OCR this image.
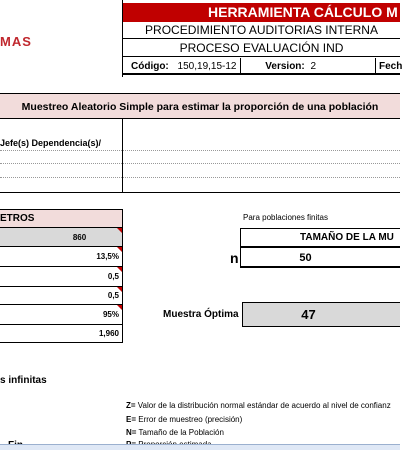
HERRAMIENTA CÁLCULO M
PROCEDIMIENTO AUDITORIAS INTERNA
PROCESO EVALUACIÓN IND
MAS
Código: 150,19,15-12	Version: 2	Fech
Muestreo Aleatorio Simple para estimar la proporción de una población
Jefe(s) Dependencia(s)/
ETROS
860
13,5%
0,5
0,5
95%
1,960
Para poblaciones finitas
TAMAÑO DE LA MU
n	50
Muestra Óptima	47
s infinitas
Z= Valor de la distribución normal estándar de acuerdo al nivel de confianz
E= Error de muestreo (precisión)
N= Tamaño de la Población
